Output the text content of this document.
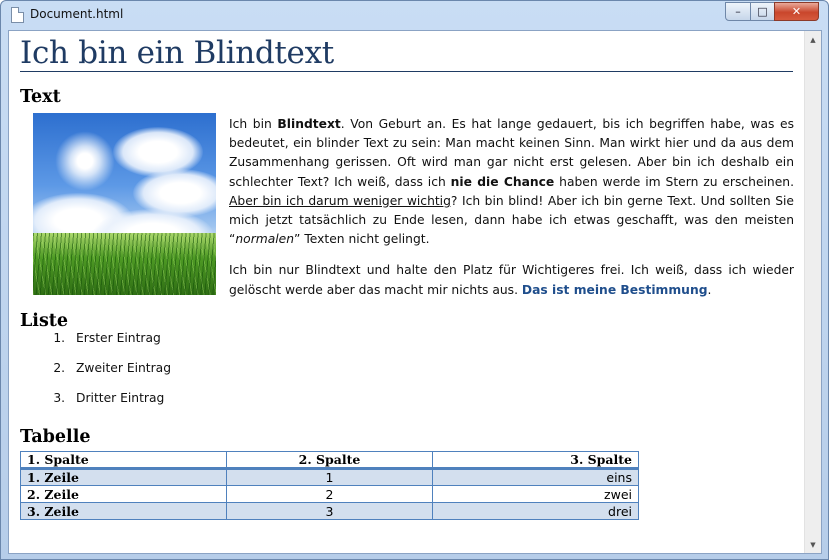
Document.html	–	□	✕
Ich bin ein Blindtext
Text

Ich bin Blindtext. Von Geburt an. Es hat lange gedauert, bis ich begriffen habe, was es bedeutet, ein blinder Text zu sein: Man macht keinen Sinn. Man wirkt hier und da aus dem Zusammenhang gerissen. Oft wird man gar nicht erst gelesen. Aber bin ich deshalb ein schlechter Text? Ich weiß, dass ich nie die Chance haben werde im Stern zu erscheinen. Aber bin ich darum weniger wichtig? Ich bin blind! Aber ich bin gerne Text. Und sollten Sie mich jetzt tatsächlich zu Ende lesen, dann habe ich etwas geschafft, was den meisten “normalen” Texten nicht gelingt.

Ich bin nur Blindtext und halte den Platz für Wichtigeres frei. Ich weiß, dass ich wieder gelöscht werde aber das macht mir nichts aus. Das ist meine Bestimmung.

Liste
1. Erster Eintrag
2. Zweiter Eintrag
3. Dritter Eintrag
Tabelle
1. Spalte	2. Spalte	3. Spalte
1. Zeile	1	eins
2. Zeile	2	zwei
3. Zeile	3	drei
▲
▼
